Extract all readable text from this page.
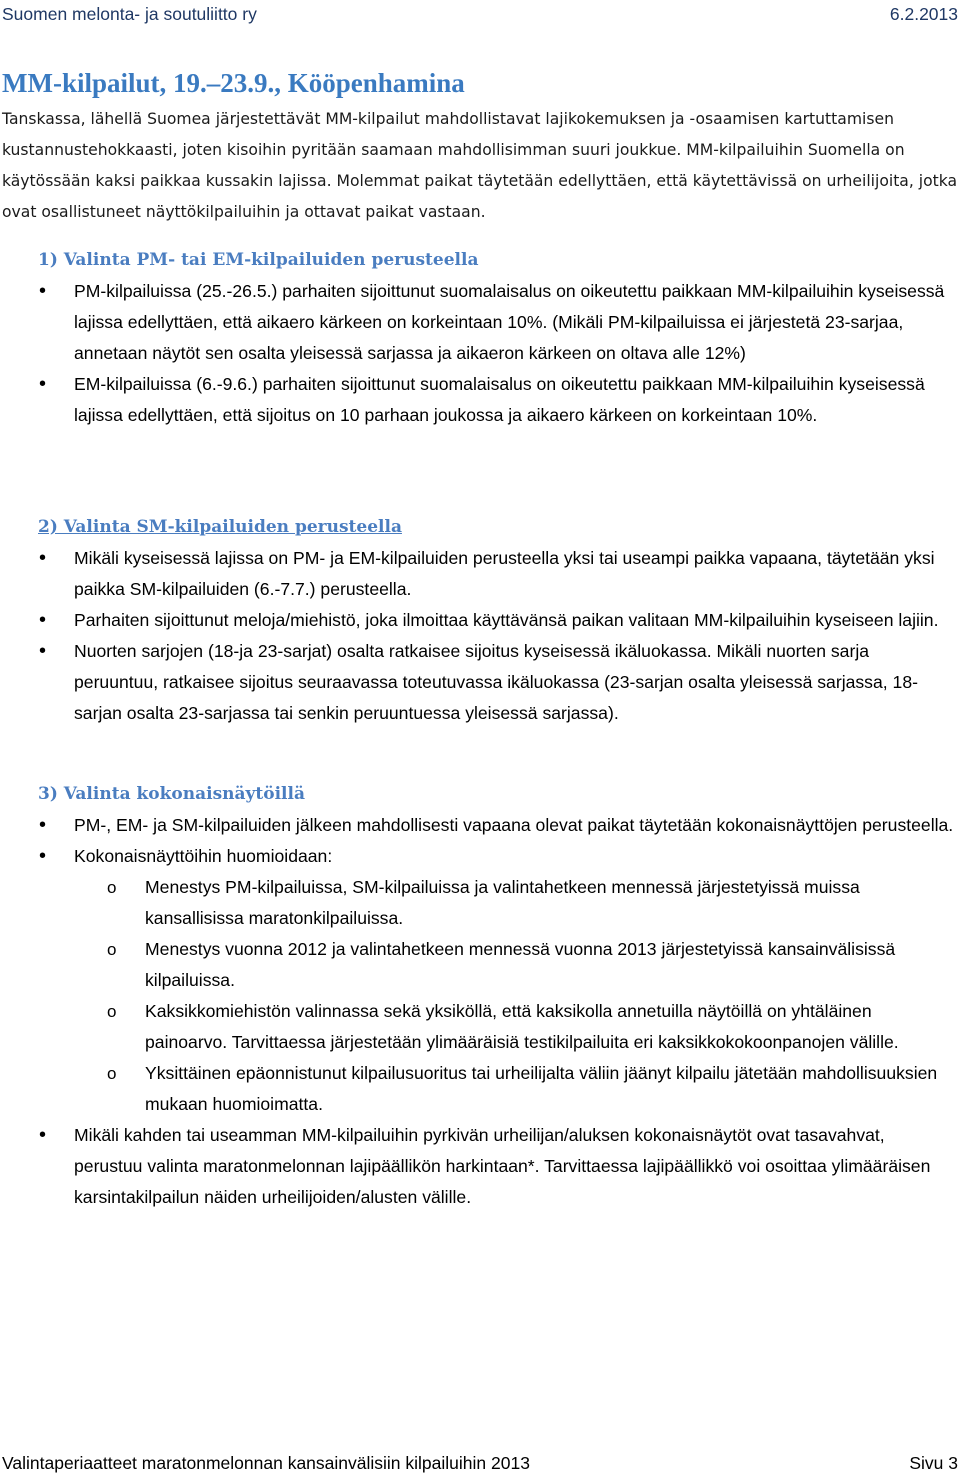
Suomen melonta- ja soutuliitto ry	6.2.2013
MM-kilpailut, 19.–23.9., Kööpenhamina

Tanskassa, lähellä Suomea järjestettävät MM-kilpailut mahdollistavat lajikokemuksen ja -osaamisen kartuttamisen kustannustehokkaasti, joten kisoihin pyritään saamaan mahdollisimman suuri joukkue. MM-kilpailuihin Suomella on käytössään kaksi paikkaa kussakin lajissa. Molemmat paikat täytetään edellyttäen, että käytettävissä on urheilijoita, jotka ovat osallistuneet näyttökilpailuihin ja ottavat paikat vastaan.

1) Valinta PM- tai EM-kilpailuiden perusteella
• PM-kilpailuissa (25.-26.5.) parhaiten sijoittunut suomalaisalus on oikeutettu paikkaan MM-kilpailuihin kyseisessä lajissa edellyttäen, että aikaero kärkeen on korkeintaan 10%. (Mikäli PM-kilpailuissa ei järjestetä 23-sarjaa, annetaan näytöt sen osalta yleisessä sarjassa ja aikaeron kärkeen on oltava alle 12%)
• EM-kilpailuissa (6.-9.6.) parhaiten sijoittunut suomalaisalus on oikeutettu paikkaan MM-kilpailuihin kyseisessä lajissa edellyttäen, että sijoitus on 10 parhaan joukossa ja aikaero kärkeen on korkeintaan 10%.
2) Valinta SM-kilpailuiden perusteella
• Mikäli kyseisessä lajissa on PM- ja EM-kilpailuiden perusteella yksi tai useampi paikka vapaana, täytetään yksi paikka SM-kilpailuiden (6.-7.7.) perusteella.
• Parhaiten sijoittunut meloja/miehistö, joka ilmoittaa käyttävänsä paikan valitaan MM-kilpailuihin kyseiseen lajiin.
• Nuorten sarjojen (18-ja 23-sarjat) osalta ratkaisee sijoitus kyseisessä ikäluokassa. Mikäli nuorten sarja peruuntuu, ratkaisee sijoitus seuraavassa toteutuvassa ikäluokassa (23-sarjan osalta yleisessä sarjassa, 18-sarjan osalta 23-sarjassa tai senkin peruuntuessa yleisessä sarjassa).
3) Valinta kokonaisnäytöillä
• PM-, EM- ja SM-kilpailuiden jälkeen mahdollisesti vapaana olevat paikat täytetään kokonaisnäyttöjen perusteella.
• Kokonaisnäyttöihin huomioidaan:
o Menestys PM-kilpailuissa, SM-kilpailuissa ja valintahetkeen mennessä järjestetyissä muissa kansallisissa maratonkilpailuissa.
o Menestys vuonna 2012 ja valintahetkeen mennessä vuonna 2013 järjestetyissä kansainvälisissä kilpailuissa.
o Kaksikkomiehistön valinnassa sekä yksiköllä, että kaksikolla annetuilla näytöillä on yhtäläinen painoarvo. Tarvittaessa järjestetään ylimääräisiä testikilpailuita eri kaksikkokokoonpanojen välille.
o Yksittäinen epäonnistunut kilpailusuoritus tai urheilijalta väliin jäänyt kilpailu jätetään mahdollisuuksien mukaan huomioimatta.
• Mikäli kahden tai useamman MM-kilpailuihin pyrkivän urheilijan/aluksen kokonaisnäytöt ovat tasavahvat, perustuu valinta maratonmelonnan lajipäällikön harkintaan*. Tarvittaessa lajipäällikkö voi osoittaa ylimääräisen karsintakilpailun näiden urheilijoiden/alusten välille.
Valintaperiaatteet maratonmelonnan kansainvälisiin kilpailuihin 2013	Sivu 3
